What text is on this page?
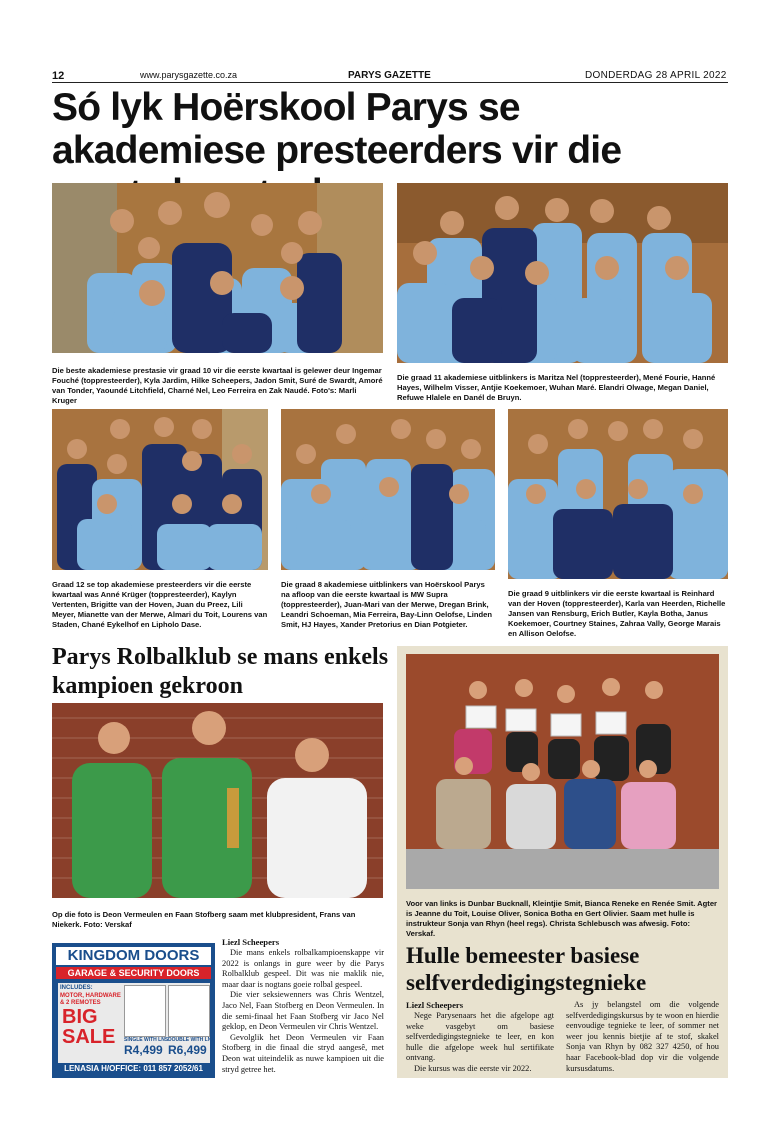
12	www.parysgazette.co.za	PARYS GAZETTE	DONDERDAG 28 APRIL 2022
Só lyk Hoërskool Parys se akademiese presteerders vir die
Die beste akademiese prestasie vir graad 10 vir die eerste kwartaal is gelewer deur Ingemar Fouché (toppresteerder), Kyla Jardim, Hilke Scheepers, Jadon Smit, Suré de Swardt, Amoré van Tonder, Yaoundé Litchfield, Charné Nel, Leo Ferreira en Zak Naudé. Foto's: Marli Kruger
Die graad 11 akademiese uitblinkers is Maritza Nel (toppresteerder), Mené Fourie, Hanné Hayes, Wilhelm Visser, Antjie Koekemoer, Wuhan Maré. Elandri Olwage, Megan Daniel, Refuwe Hlalele en Danél de Bruyn.
Graad 12 se top akademiese presteerders vir die eerste kwartaal was Anné Krüger (toppresteerder), Kaylyn Vertenten, Brigitte van der Hoven, Juan du Preez, Lili Meyer, Mianette van der Merwe, Almari du Toit, Lourens van Staden, Chané Eykelhof en Lipholo Dase.
Die graad 8 akademiese uitblinkers van Hoërskool Parys na afloop van die eerste kwartaal is MW Supra (toppresteerder), Juan-Mari van der Merwe, Dregan Brink, Leandri Schoeman, Mia Ferreira, Bay-Linn Oelofse, Linden Smit, HJ Hayes, Xander Pretorius en Dian Potgieter.
Die graad 9 uitblinkers vir die eerste kwartaal is Reinhard van der Hoven (toppresteerder), Karla van Heerden, Richelle Jansen van Rensburg, Erich Butler, Kayla Botha, Janus Koekemoer, Courtney Staines, Zahraa Vally, George Marais en Allison Oelofse.
Parys Rolbalklub se mans enkels kampioen gekroon
Op die foto is Deon Vermeulen en Faan Stofberg saam met klubpresident, Frans van Niekerk. Foto: Verskaf
KINGDOM DOORS
GARAGE & SECURITY DOORS
INCLUDES:
MOTOR, HARDWARE
& 2 REMOTES
BIG
SALE SINGLE WITH LNS
R4,499
DOUBLE WITH LNS
R6,499
LENASIA H/OFFICE: 011 857 2052/61
Liezl Scheepers
Die mans enkels rolbalkampioenskappe vir 2022 is onlangs in gure weer by die Parys Rolbalklub gespeel. Dit was nie maklik nie, maar daar is nogtans goeie rolbal gespeel.
Die vier seksiewenners was Chris Wentzel, Jaco Nel, Faan Stofberg en Deon Vermeulen. In die semi-finaal het Faan Stofberg vir Jaco Nel geklop, en Deon Vermeulen vir Chris Wentzel.
Gevolglik het Deon Vermeulen vir Faan Stofberg in die finaal die stryd aangesê, met Deon wat uiteindelik as nuwe kampioen uit die stryd getree het.
Voor van links is Dunbar Bucknall, Kleintjie Smit, Bianca Reneke en Renée Smit. Agter is Jeanne du Toit, Louise Oliver, Sonica Botha en Gert Olivier. Saam met hulle is instrukteur Sonja van Rhyn (heel regs). Christa Schlebusch was afwesig. Foto: Verskaf.
Hulle bemeester basiese selfverdedigingstegnieke
Liezl Scheepers
Nege Parysenaars het die afgelope agt weke vasgebyt om basiese selfverdedigingstegnieke te leer, en kon hulle die afgelope week hul sertifikate ontvang.
Die kursus was die eerste vir 2022.
As jy belangstel om die volgende selfverdedigingskursus by te woon en hierdie eenvoudige tegnieke te leer, of sommer net weer jou kennis bietjie af te stof, skakel Sonja van Rhyn by 082 327 4250, of hou haar Facebook-blad dop vir die volgende kursusdatums.
